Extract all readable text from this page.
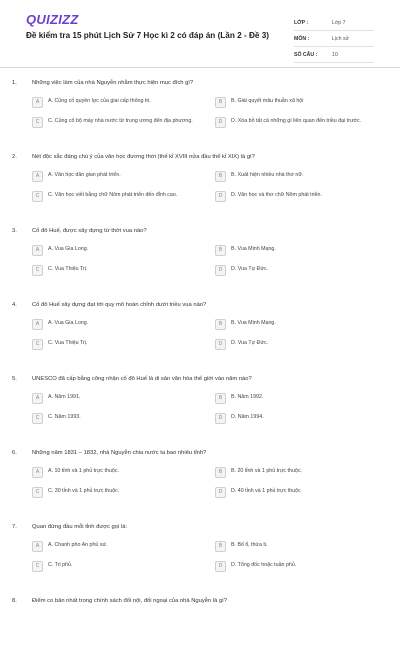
QUIZIZZ
Đề kiểm tra 15 phút Lịch Sử 7 Học kì 2 có đáp án (Lần 2 - Đề 3)
LỚP :	Lớp 7
MÔN :	Lịch sử
SỐ CÂU :	10
1.	Những việc làm của nhà Nguyễn nhằm thực hiện mục đích gì?
A	A. Củng cố quyền lực của giai cấp thống trị.	B	B. Giải quyết mâu thuẫn xã hội
C	C. Củng cố bộ máy nhà nước từ trung ương đến địa phương.	D	D. Xóa bỏ tất cả những gì liên quan đến triều đại trước.
2.	Nét độc sắc đáng chú ý của văn học đương thời (thế kỉ XVIII nửa đầu thế kỉ XIX) là gì?
A	A. Văn học dân gian phát triển.	B	B. Xuất hiện nhiều nhà thơ nữ.
C	C. Văn học viết bằng chữ Nôm phát triển đến đỉnh cao.	D	D. Văn học và thơ chữ Nôm phát triển.
3.	Cố đô Huế, được xây dựng từ thời vua nào?
A	A. Vua Gia Long.	B	B. Vua Minh Mạng.
C	C. Vua Thiệu Trị.	D	D. Vua Tự Đức.
4.	Cố đô Huế xây dựng đạt tới quy mô hoàn chỉnh dưới triều vua nào?
A	A. Vua Gia Long.	B	B. Vua Minh Mạng.
C	C. Vua Thiệu Trị.	D	D. Vua Tự Đức.
5.	UNESCO đã cấp bằng công nhận cố đô Huế là di sản văn hóa thế giới vào năm nào?
A	A. Năm 1991.	B	B. Năm 1992.
C	C. Năm 1993.	D	D. Năm 1994.
6.	Những năm 1831 – 1832, nhà Nguyễn chia nước ta bao nhiêu tỉnh?
A	A. 10 tỉnh và 1 phủ trực thuộc.	B	B. 20 tỉnh và 1 phủ trực thuộc.
C	C. 30 tỉnh và 1 phủ trực thuộc.	D	D. 40 tỉnh và 1 phủ trực thuộc
7.	Quan đứng đầu mỗi tỉnh được gọi là:
A	A. Chanh pho An phủ sứ.	B	B. Bố tỉ, thừa ti.
C	C. Tri phủ.	D	D. Tổng đốc hoặc tuần phủ.
8.	Điểm co bản nhất trong chính sách đối nội, đối ngoại của nhà Nguyễn là gì?
